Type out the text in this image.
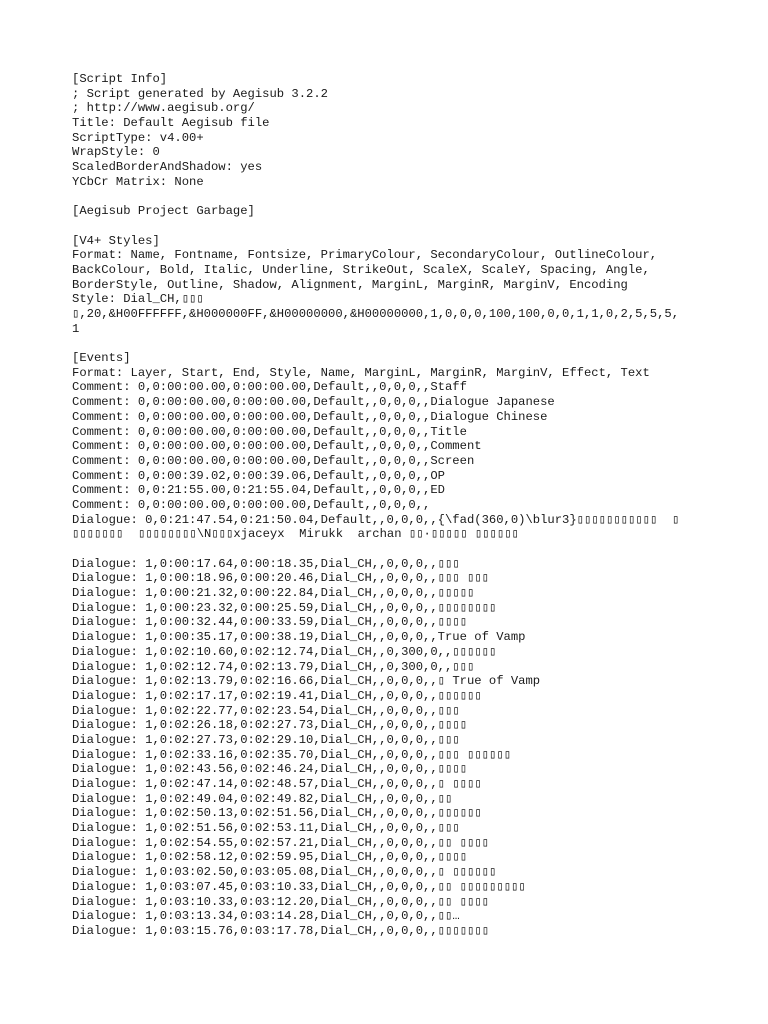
[Script Info]
; Script generated by Aegisub 3.2.2
; http://www.aegisub.org/
Title: Default Aegisub file
ScriptType: v4.00+
WrapStyle: 0
ScaledBorderAndShadow: yes
YCbCr Matrix: None
[Aegisub Project Garbage]
[V4+ Styles]
Format: Name, Fontname, Fontsize, PrimaryColour, SecondaryColour, OutlineColour,
BackColour, Bold, Italic, Underline, StrikeOut, ScaleX, ScaleY, Spacing, Angle,
BorderStyle, Outline, Shadow, Alignment, MarginL, MarginR, MarginV, Encoding
Style: Dial_CH,▯▯▯
▯,20,&H00FFFFFF,&H000000FF,&H00000000,&H00000000,1,0,0,0,100,100,0,0,1,1,0,2,5,5,5,
1
[Events]
Format: Layer, Start, End, Style, Name, MarginL, MarginR, MarginV, Effect, Text
Comment: 0,0:00:00.00,0:00:00.00,Default,,0,0,0,,Staff
Comment: 0,0:00:00.00,0:00:00.00,Default,,0,0,0,,Dialogue Japanese
Comment: 0,0:00:00.00,0:00:00.00,Default,,0,0,0,,Dialogue Chinese
Comment: 0,0:00:00.00,0:00:00.00,Default,,0,0,0,,Title
Comment: 0,0:00:00.00,0:00:00.00,Default,,0,0,0,,Comment
Comment: 0,0:00:00.00,0:00:00.00,Default,,0,0,0,,Screen
Comment: 0,0:00:39.02,0:00:39.06,Default,,0,0,0,,OP
Comment: 0,0:21:55.00,0:21:55.04,Default,,0,0,0,,ED
Comment: 0,0:00:00.00,0:00:00.00,Default,,0,0,0,,
Dialogue: 0,0:21:47.54,0:21:50.04,Default,,0,0,0,,{\fad(360,0)\blur3}▯▯▯▯▯▯▯▯▯▯▯  ▯
▯▯▯▯▯▯▯  ▯▯▯▯▯▯▯▯\N▯▯▯xjaceyx  Mirukk  archan ▯▯·▯▯▯▯▯ ▯▯▯▯▯▯
Dialogue: 1,0:00:17.64,0:00:18.35,Dial_CH,,0,0,0,,▯▯▯
Dialogue: 1,0:00:18.96,0:00:20.46,Dial_CH,,0,0,0,,▯▯▯ ▯▯▯
Dialogue: 1,0:00:21.32,0:00:22.84,Dial_CH,,0,0,0,,▯▯▯▯▯
Dialogue: 1,0:00:23.32,0:00:25.59,Dial_CH,,0,0,0,,▯▯▯▯▯▯▯▯
Dialogue: 1,0:00:32.44,0:00:33.59,Dial_CH,,0,0,0,,▯▯▯▯
Dialogue: 1,0:00:35.17,0:00:38.19,Dial_CH,,0,0,0,,True of Vamp
Dialogue: 1,0:02:10.60,0:02:12.74,Dial_CH,,0,300,0,,▯▯▯▯▯▯
Dialogue: 1,0:02:12.74,0:02:13.79,Dial_CH,,0,300,0,,▯▯▯
Dialogue: 1,0:02:13.79,0:02:16.66,Dial_CH,,0,0,0,,▯ True of Vamp
Dialogue: 1,0:02:17.17,0:02:19.41,Dial_CH,,0,0,0,,▯▯▯▯▯▯
Dialogue: 1,0:02:22.77,0:02:23.54,Dial_CH,,0,0,0,,▯▯▯
Dialogue: 1,0:02:26.18,0:02:27.73,Dial_CH,,0,0,0,,▯▯▯▯
Dialogue: 1,0:02:27.73,0:02:29.10,Dial_CH,,0,0,0,,▯▯▯
Dialogue: 1,0:02:33.16,0:02:35.70,Dial_CH,,0,0,0,,▯▯▯ ▯▯▯▯▯▯
Dialogue: 1,0:02:43.56,0:02:46.24,Dial_CH,,0,0,0,,▯▯▯▯
Dialogue: 1,0:02:47.14,0:02:48.57,Dial_CH,,0,0,0,,▯ ▯▯▯▯
Dialogue: 1,0:02:49.04,0:02:49.82,Dial_CH,,0,0,0,,▯▯
Dialogue: 1,0:02:50.13,0:02:51.56,Dial_CH,,0,0,0,,▯▯▯▯▯▯
Dialogue: 1,0:02:51.56,0:02:53.11,Dial_CH,,0,0,0,,▯▯▯
Dialogue: 1,0:02:54.55,0:02:57.21,Dial_CH,,0,0,0,,▯▯ ▯▯▯▯
Dialogue: 1,0:02:58.12,0:02:59.95,Dial_CH,,0,0,0,,▯▯▯▯
Dialogue: 1,0:03:02.50,0:03:05.08,Dial_CH,,0,0,0,,▯ ▯▯▯▯▯▯
Dialogue: 1,0:03:07.45,0:03:10.33,Dial_CH,,0,0,0,,▯▯ ▯▯▯▯▯▯▯▯▯
Dialogue: 1,0:03:10.33,0:03:12.20,Dial_CH,,0,0,0,,▯▯ ▯▯▯▯
Dialogue: 1,0:03:13.34,0:03:14.28,Dial_CH,,0,0,0,,▯▯…
Dialogue: 1,0:03:15.76,0:03:17.78,Dial_CH,,0,0,0,,▯▯▯▯▯▯▯
